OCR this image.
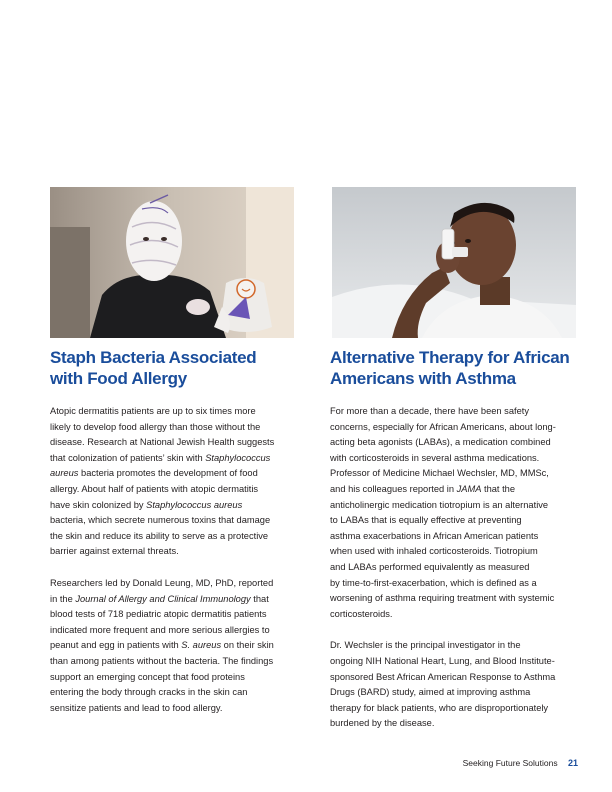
Staph Bacteria Associated
with Food Allergy
Alternative Therapy for African
Americans with Asthma

Atopic dermatitis patients are up to six times more
likely to develop food allergy than those without the
disease. Research at National Jewish Health suggests
that colonization of patients’ skin with Staphylococcus
aureus bacteria promotes the development of food
allergy. About half of patients with atopic dermatitis
have skin colonized by Staphylococcus aureus
bacteria, which secrete numerous toxins that damage
the skin and reduce its ability to serve as a protective
barrier against external threats.

Researchers led by Donald Leung, MD, PhD, reported
in the Journal of Allergy and Clinical Immunology that
blood tests of 718 pediatric atopic dermatitis patients
indicated more frequent and more serious allergies to
peanut and egg in patients with S. aureus on their skin
than among patients without the bacteria. The findings
support an emerging concept that food proteins
entering the body through cracks in the skin can
sensitize patients and lead to food allergy.

For more than a decade, there have been safety
concerns, especially for African Americans, about long-
acting beta agonists (LABAs), a medication combined
with corticosteroids in several asthma medications.
Professor of Medicine Michael Wechsler, MD, MMSc,
and his colleagues reported in JAMA that the
anticholinergic medication tiotropium is an alternative
to LABAs that is equally effective at preventing
asthma exacerbations in African American patients
when used with inhaled corticosteroids. Tiotropium
and LABAs performed equivalently as measured
by time-to-first-exacerbation, which is defined as a
worsening of asthma requiring treatment with systemic
corticosteroids.

Dr. Wechsler is the principal investigator in the
ongoing NIH National Heart, Lung, and Blood Institute-
sponsored Best African American Response to Asthma
Drugs (BARD) study, aimed at improving asthma
therapy for black patients, who are disproportionately
burdened by the disease.

Seeking Future Solutions 21
